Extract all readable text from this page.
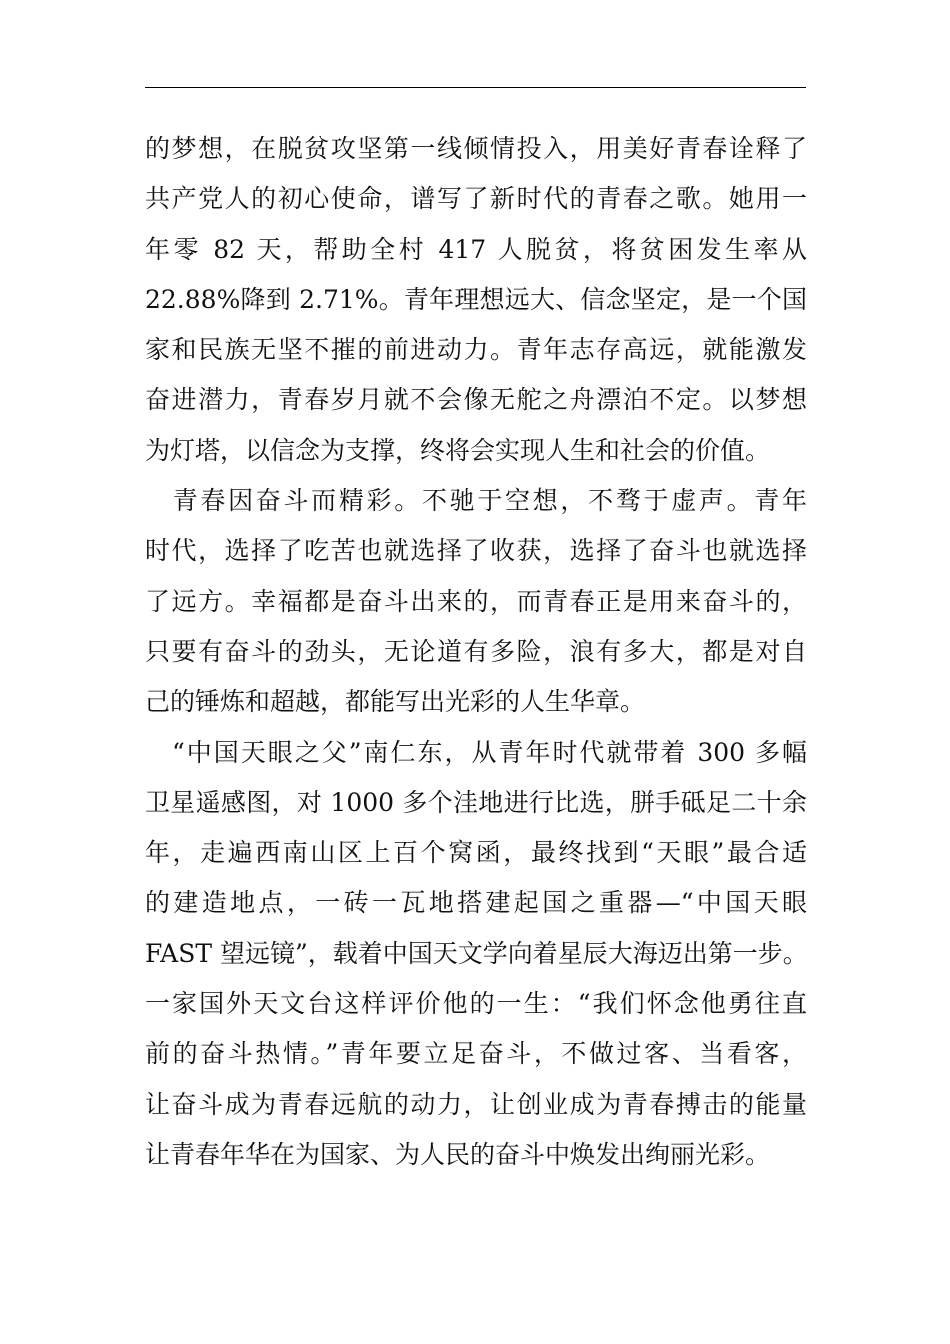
的梦想，在脱贫攻坚第一线倾情投入，用美好青春诠释了
共产党人的初心使命，谱写了新时代的青春之歌。她用一
年零 82 天，帮助全村 417 人脱贫，将贫困发生率从
22.88%降到 2.71%。青年理想远大、信念坚定，是一个国
家和民族无坚不摧的前进动力。青年志存高远，就能激发
奋进潜力，青春岁月就不会像无舵之舟漂泊不定。以梦想
为灯塔，以信念为支撑，终将会实现人生和社会的价值。
　青春因奋斗而精彩。不驰于空想，不骛于虚声。青年
时代，选择了吃苦也就选择了收获，选择了奋斗也就选择
了远方。幸福都是奋斗出来的，而青春正是用来奋斗的，
只要有奋斗的劲头，无论道有多险，浪有多大，都是对自
己的锤炼和超越，都能写出光彩的人生华章。
　“中国天眼之父”南仁东，从青年时代就带着 300 多幅
卫星遥感图，对 1000 多个洼地进行比选，胼手砥足二十余
年，走遍西南山区上百个窝函，最终找到“天眼”最合适
的建造地点，一砖一瓦地搭建起国之重器—“中国天眼
FAST 望远镜”，载着中国天文学向着星辰大海迈出第一步。
一家国外天文台这样评价他的一生：“我们怀念他勇往直
前的奋斗热情。”青年要立足奋斗，不做过客、当看客，
让奋斗成为青春远航的动力，让创业成为青春搏击的能量
让青春年华在为国家、为人民的奋斗中焕发出绚丽光彩。
